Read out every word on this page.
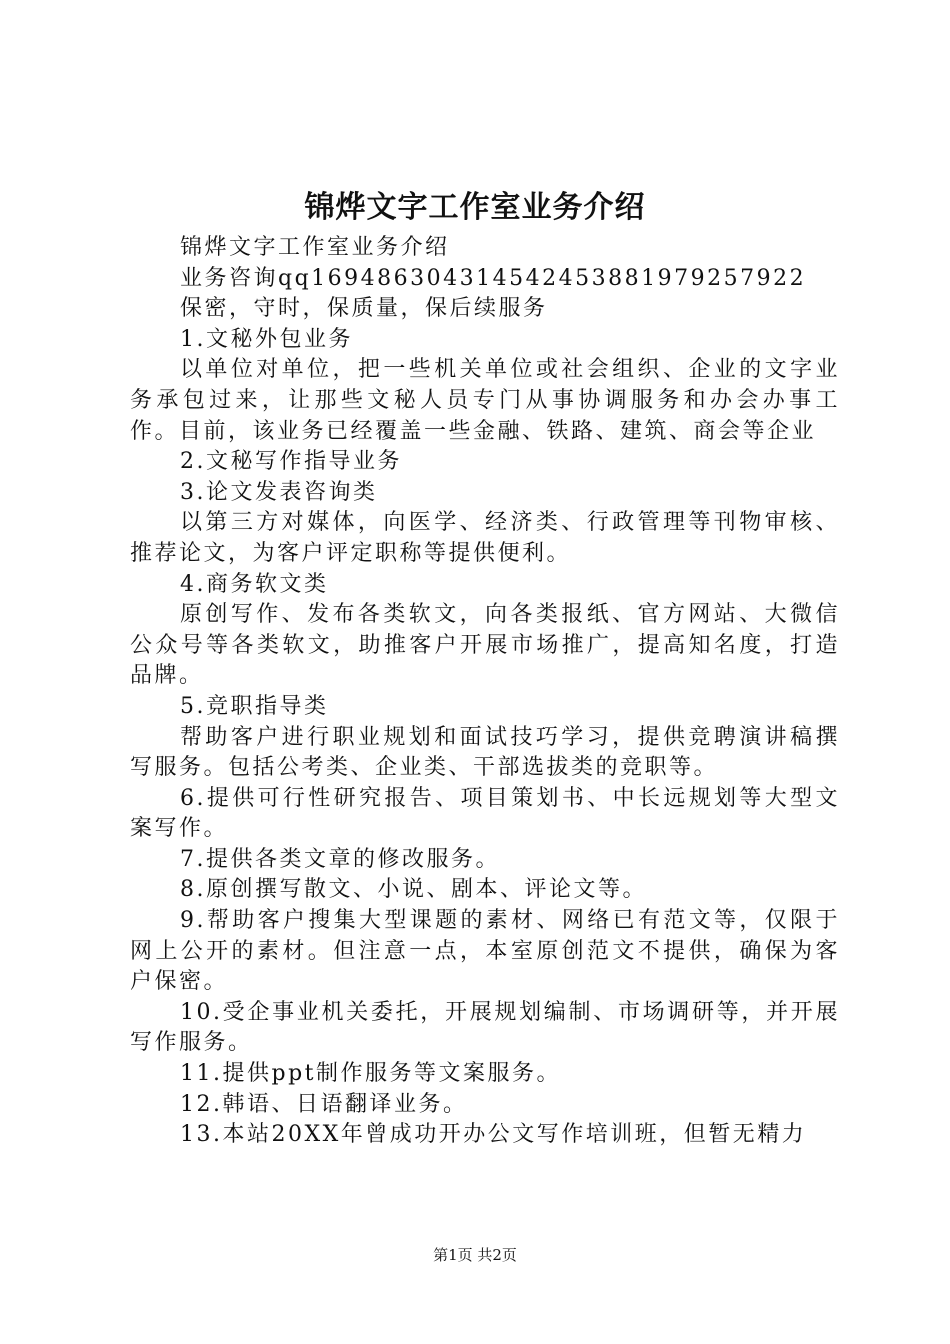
锦烨文字工作室业务介绍

锦烨文字工作室业务介绍

业务咨询qq169486304314542453881979257922

保密，守时，保质量，保后续服务

1.文秘外包业务

以单位对单位，把一些机关单位或社会组织、企业的文字业务承包过来，让那些文秘人员专门从事协调服务和办会办事工作。目前，该业务已经覆盖一些金融、铁路、建筑、商会等企业

2.文秘写作指导业务

3.论文发表咨询类

以第三方对媒体，向医学、经济类、行政管理等刊物审核、推荐论文，为客户评定职称等提供便利。

4.商务软文类

原创写作、发布各类软文，向各类报纸、官方网站、大微信公众号等各类软文，助推客户开展市场推广，提高知名度，打造品牌。

5.竞职指导类

帮助客户进行职业规划和面试技巧学习，提供竞聘演讲稿撰写服务。包括公考类、企业类、干部选拔类的竞职等。

6.提供可行性研究报告、项目策划书、中长远规划等大型文案写作。

7.提供各类文章的修改服务。

8.原创撰写散文、小说、剧本、评论文等。

9.帮助客户搜集大型课题的素材、网络已有范文等，仅限于网上公开的素材。但注意一点，本室原创范文不提供，确保为客户保密。

10.受企事业机关委托，开展规划编制、市场调研等，并开展写作服务。

11.提供ppt制作服务等文案服务。

12.韩语、日语翻译业务。

13.本站20XX年曾成功开办公文写作培训班，但暂无精力

第1页 共2页
